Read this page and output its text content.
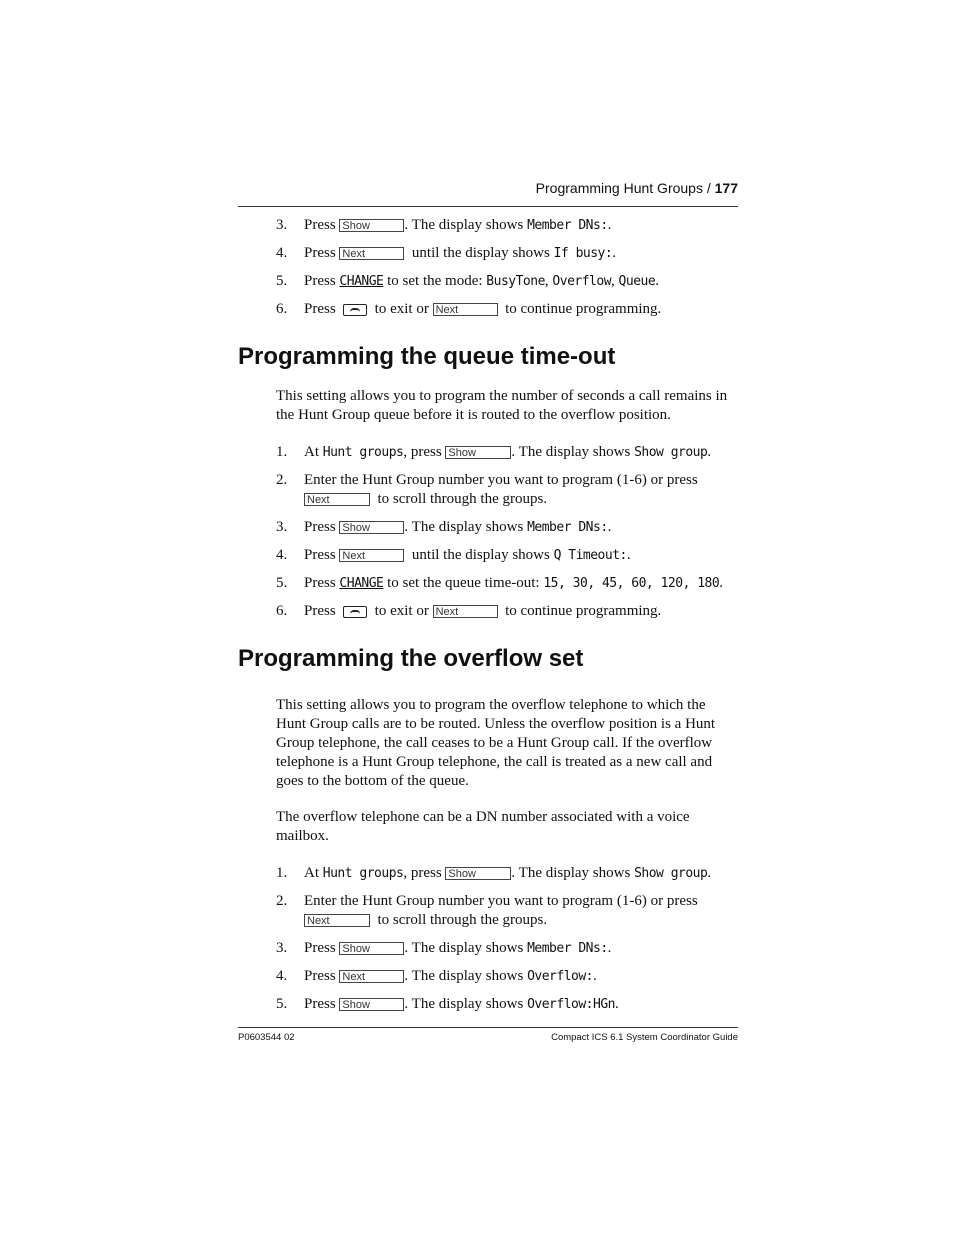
Programming Hunt Groups / 177
3. Press Show . The display shows Member DNs:.
4. Press Next	until the display shows If busy:.
5. Press CHANGE to set the mode: BusyTone, Overflow, Queue.
6. Press	to exit or Next	to continue programming.
Programming the queue time-out
This setting allows you to program the number of seconds a call remains in
the Hunt Group queue before it is routed to the overflow position.
1. At Hunt groups, press Show . The display shows Show group.
2. Enter the Hunt Group number you want to program (1-6) or press
Next	to scroll through the groups.
3. Press Show . The display shows Member DNs:.
4. Press Next	until the display shows Q Timeout:.
5. Press CHANGE to set the queue time-out: 15, 30, 45, 60, 120, 180.
6. Press	to exit or Next	to continue programming.
Programming the overflow set
This setting allows you to program the overflow telephone to which the
Hunt Group calls are to be routed. Unless the overflow position is a Hunt
Group telephone, the call ceases to be a Hunt Group call. If the overflow
telephone is a Hunt Group telephone, the call is treated as a new call and
goes to the bottom of the queue.
The overflow telephone can be a DN number associated with a voice
mailbox.
1. At Hunt groups, press Show . The display shows Show group.
2. Enter the Hunt Group number you want to program (1-6) or press
Next	to scroll through the groups.
3. Press Show . The display shows Member DNs:.
4. Press Next	. The display shows Overflow:.
5. Press Show . The display shows Overflow:HGn.
P0603544 02	Compact ICS 6.1 System Coordinator Guide
